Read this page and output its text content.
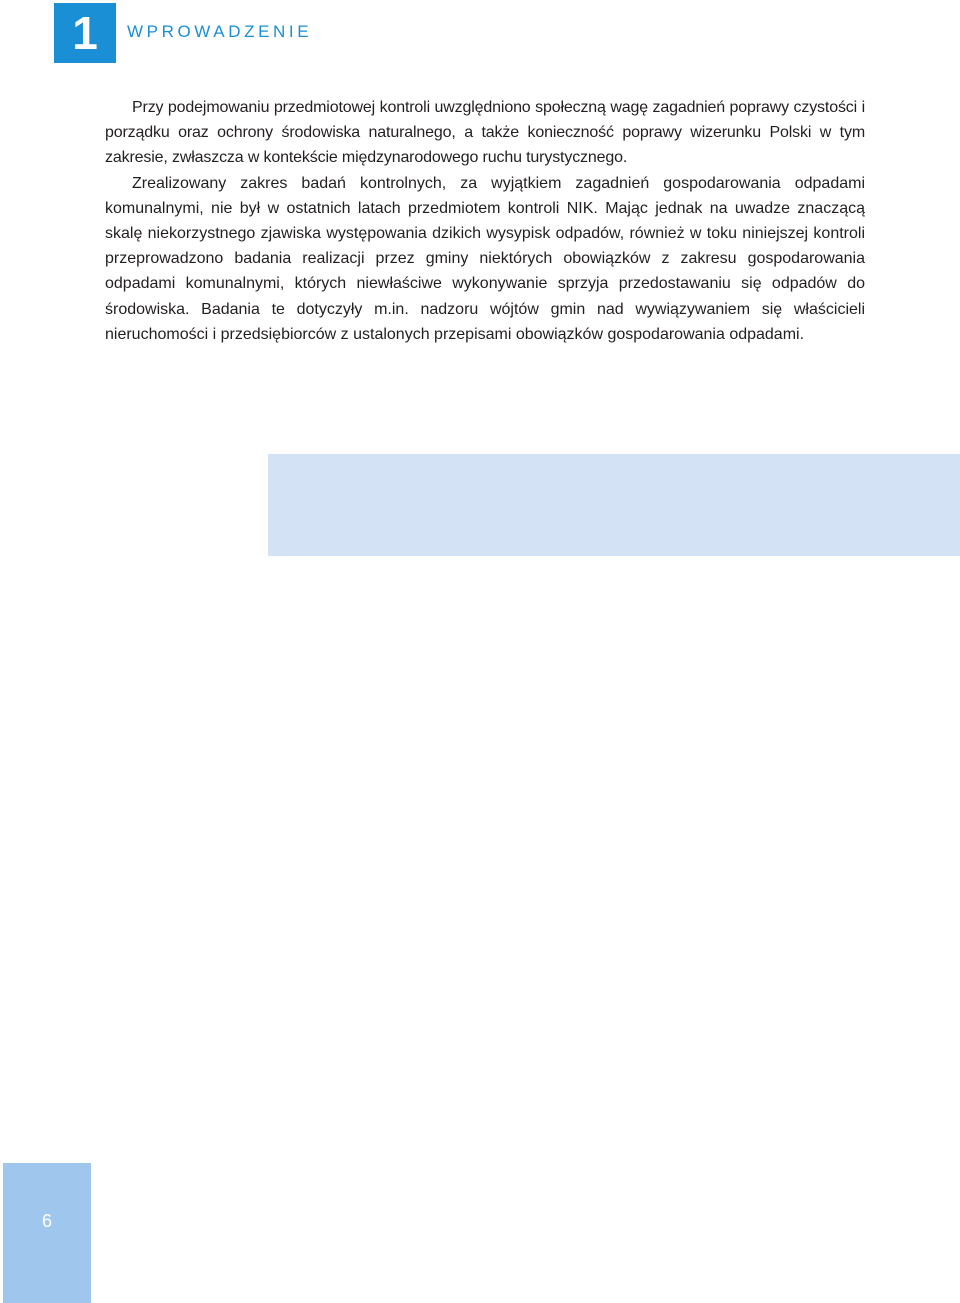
1	WPROWADZENIE

Przy podejmowaniu przedmiotowej kontroli uwzględniono społeczną wagę zagadnień poprawy czystości i porządku oraz ochrony środowiska naturalnego, a także konieczność poprawy wizerunku Polski w tym zakresie, zwłaszcza w kontekście międzynarodowego ruchu turystycznego.

Zrealizowany zakres badań kontrolnych, za wyjątkiem zagadnień gospodarowania odpadami komunalnymi, nie był w ostatnich latach przedmiotem kontroli NIK. Mając jednak na uwadze znaczącą skalę niekorzystnego zjawiska występowania dzikich wysypisk odpadów, również w toku niniejszej kontroli przeprowadzono badania realizacji przez gminy niektórych obowiązków z zakresu gospodarowania odpadami komunalnymi, których niewłaściwe wykonywanie sprzyja przedostawaniu się odpadów do środowiska. Badania te dotyczyły m.in. nadzoru wójtów gmin nad wywiązywaniem się właścicieli nieruchomości i przedsiębiorców z ustalonych przepisami obowiązków gospodarowania odpadami.

6
